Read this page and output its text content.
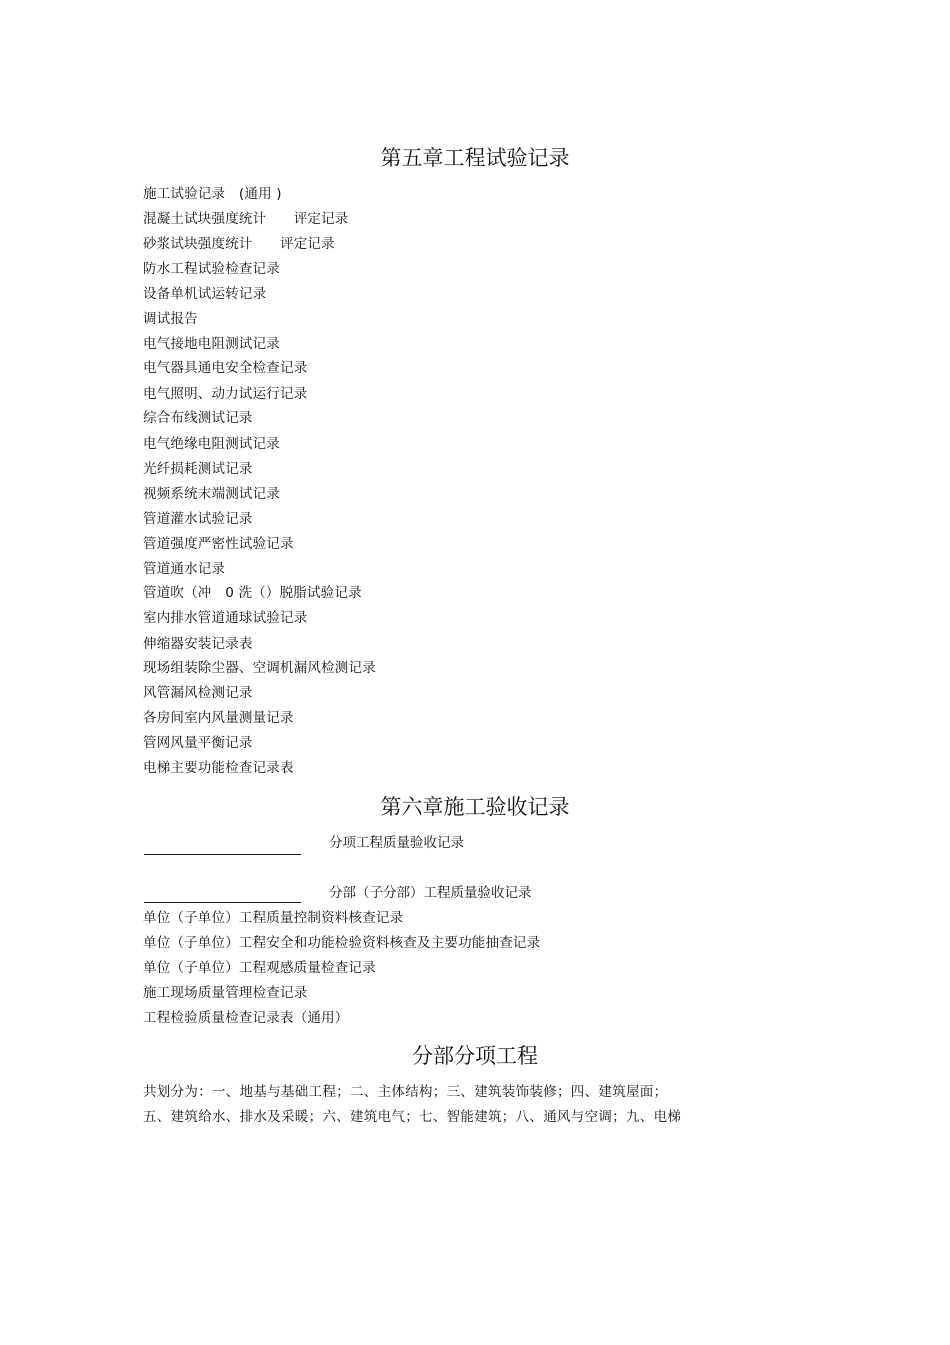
第五章工程试验记录
施工试验记录　(通用 )
混凝土试块强度统计　　评定记录
砂浆试块强度统计　　评定记录
防水工程试验检查记录
设备单机试运转记录
调试报告
电气接地电阻测试记录
电气器具通电安全检查记录
电气照明、动力试运行记录
综合布线测试记录
电气绝缘电阻测试记录
光纤损耗测试记录
视频系统末端测试记录
管道灌水试验记录
管道强度严密性试验记录
管道通水记录
管道吹（冲　0 洗（）脱脂试验记录
室内排水管道通球试验记录
伸缩器安装记录表
现场组装除尘器、空调机漏风检测记录
风管漏风检测记录
各房间室内风量测量记录
管网风量平衡记录
电梯主要功能检查记录表
第六章施工验收记录
分项工程质量验收记录
分部（子分部）工程质量验收记录
单位（子单位）工程质量控制资料核查记录
单位（子单位）工程安全和功能检验资料核查及主要功能抽查记录
单位（子单位）工程观感质量检查记录
施工现场质量管理检查记录
工程检验质量检查记录表（通用）
分部分项工程
共划分为：一、地基与基础工程；二、主体结构；三、建筑装饰装修；四、建筑屋面；
五、建筑给水、排水及采暖；六、建筑电气；七、智能建筑；八、通风与空调；九、电梯
